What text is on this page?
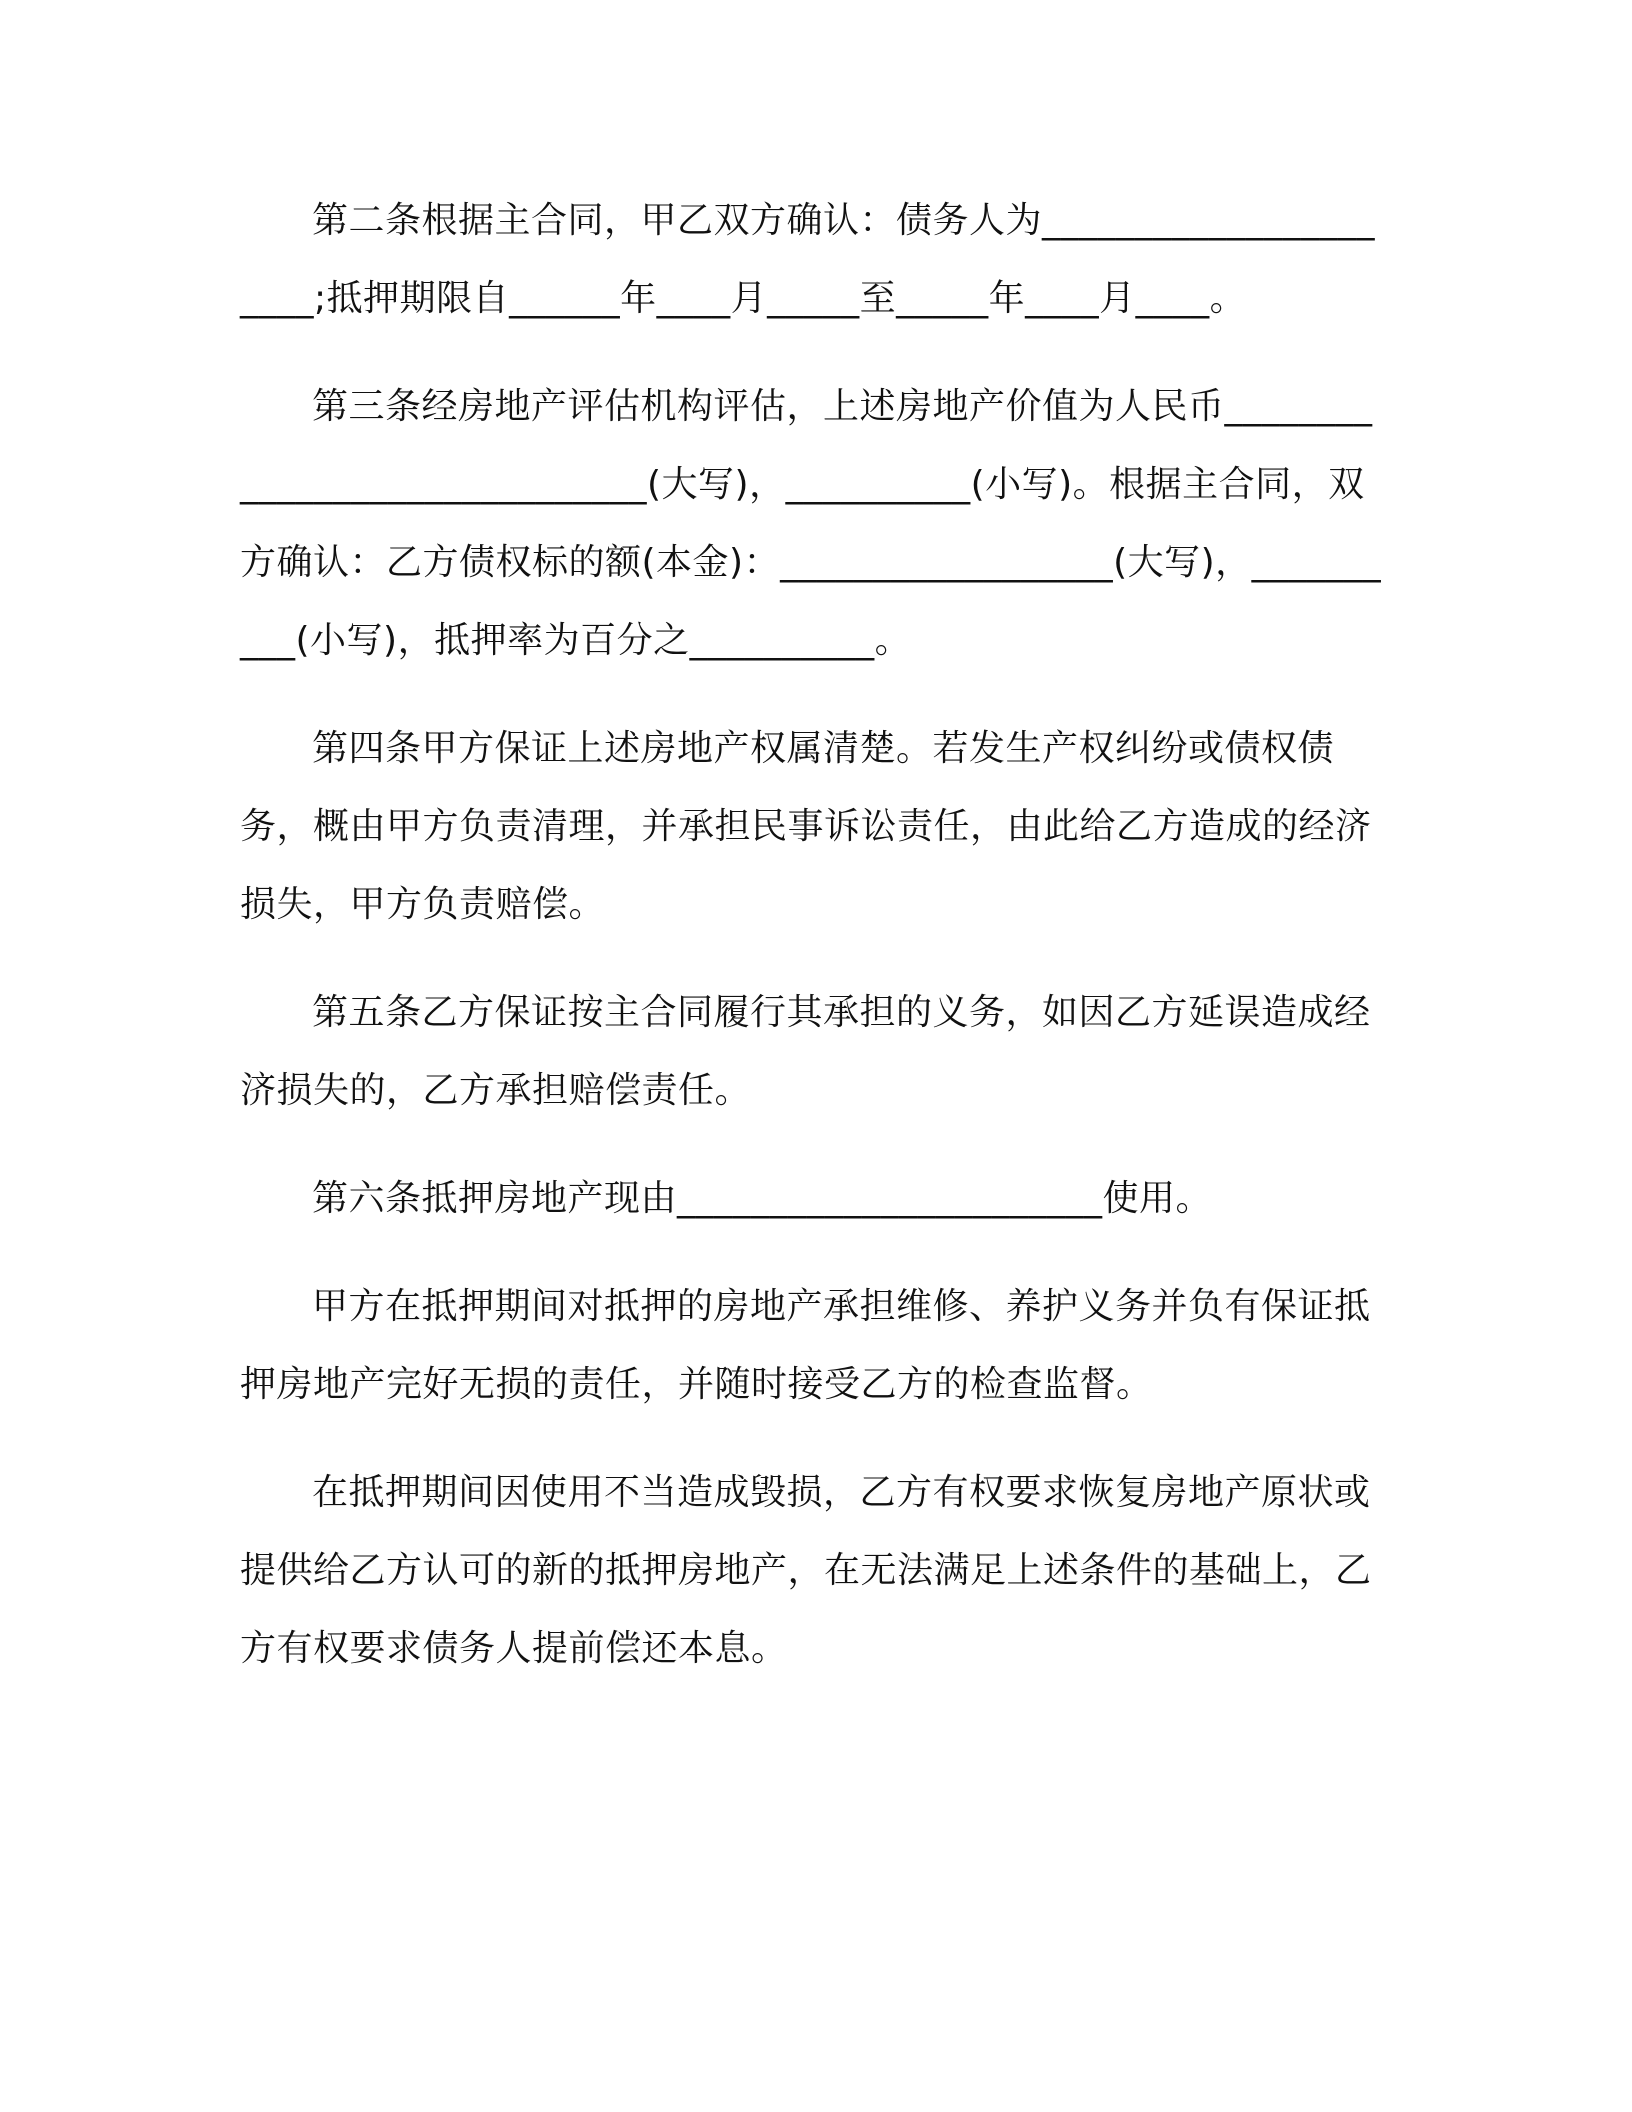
第二条根据主合同，甲乙双方确认：债务人为______________________;抵押期限自______年____月_____至_____年____月____。

第三条经房地产评估机构评估，上述房地产价值为人民币______________________________(大写)，__________(小写)。根据主合同，双方确认：乙方债权标的额(本金)：__________________(大写)，__________(小写)，抵押率为百分之__________。

第四条甲方保证上述房地产权属清楚。若发生产权纠纷或债权债务，概由甲方负责清理，并承担民事诉讼责任，由此给乙方造成的经济损失，甲方负责赔偿。

第五条乙方保证按主合同履行其承担的义务，如因乙方延误造成经济损失的，乙方承担赔偿责任。

第六条抵押房地产现由_______________________使用。

甲方在抵押期间对抵押的房地产承担维修、养护义务并负有保证抵押房地产完好无损的责任，并随时接受乙方的检查监督。

在抵押期间因使用不当造成毁损，乙方有权要求恢复房地产原状或提供给乙方认可的新的抵押房地产，在无法满足上述条件的基础上，乙方有权要求债务人提前偿还本息。
